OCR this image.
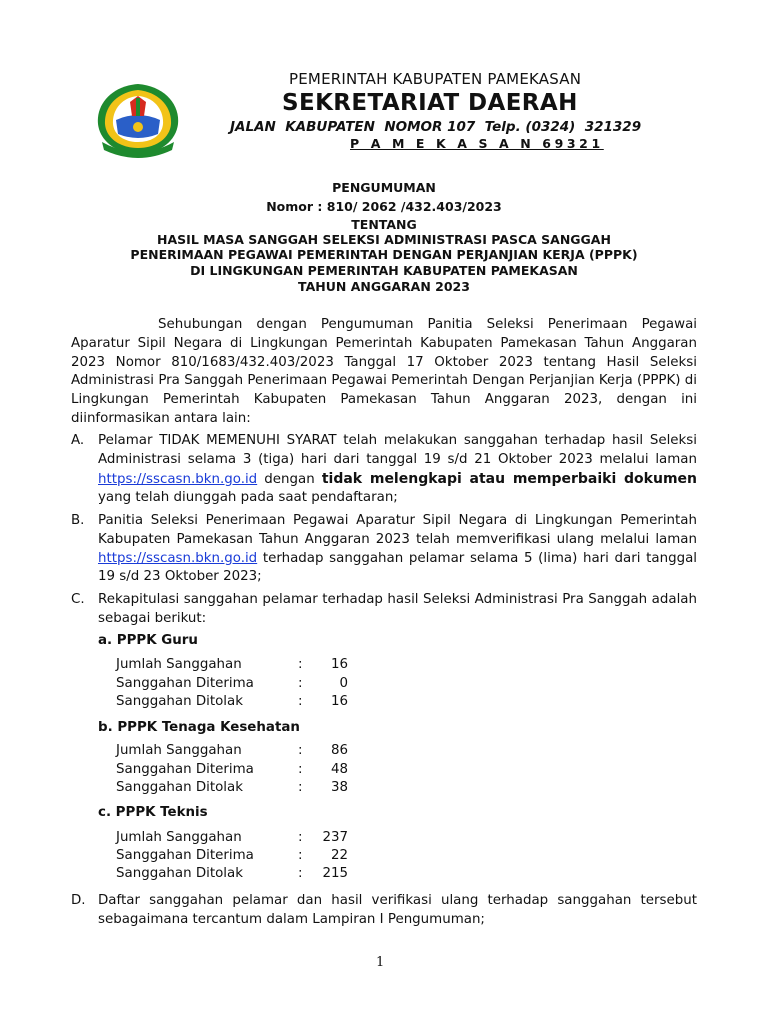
PEMERINTAH KABUPATEN PAMEKASAN
SEKRETARIAT DAERAH
JALAN  KABUPATEN  NOMOR 107  Telp. (0324)  321329
P A M E K A S A N 69321
PENGUMUMAN
Nomor : 810/ 2062 /432.403/2023
TENTANG
HASIL MASA SANGGAH SELEKSI ADMINISTRASI PASCA SANGGAH
PENERIMAAN PEGAWAI PEMERINTAH DENGAN PERJANJIAN KERJA (PPPK)
DI LINGKUNGAN PEMERINTAH KABUPATEN PAMEKASAN
TAHUN ANGGARAN 2023
Sehubungan dengan Pengumuman Panitia Seleksi Penerimaan Pegawai Aparatur Sipil Negara di Lingkungan Pemerintah Kabupaten Pamekasan Tahun Anggaran 2023 Nomor 810/1683/432.403/2023 Tanggal 17 Oktober 2023 tentang Hasil Seleksi Administrasi Pra Sanggah Penerimaan Pegawai Pemerintah Dengan Perjanjian Kerja (PPPK) di Lingkungan Pemerintah Kabupaten Pamekasan Tahun Anggaran 2023, dengan ini diinformasikan antara lain:
A. Pelamar TIDAK MEMENUHI SYARAT telah melakukan sanggahan terhadap hasil Seleksi Administrasi selama 3 (tiga) hari dari tanggal 19 s/d 21 Oktober 2023 melalui laman https://sscasn.bkn.go.id dengan tidak melengkapi atau memperbaiki dokumen yang telah diunggah pada saat pendaftaran;
B. Panitia Seleksi Penerimaan Pegawai Aparatur Sipil Negara di Lingkungan Pemerintah Kabupaten Pamekasan Tahun Anggaran 2023 telah memverifikasi ulang melalui laman https://sscasn.bkn.go.id terhadap sanggahan pelamar selama 5 (lima) hari dari tanggal 19 s/d 23 Oktober 2023;
C. Rekapitulasi sanggahan pelamar terhadap hasil Seleksi Administrasi Pra Sanggah adalah sebagai berikut:
a. PPPK Guru
Jumlah Sanggahan	:	16
Sanggahan Diterima	:	0
Sanggahan Ditolak	:	16
b. PPPK Tenaga Kesehatan
Jumlah Sanggahan	:	86
Sanggahan Diterima	:	48
Sanggahan Ditolak	:	38
c. PPPK Teknis
Jumlah Sanggahan	:	237
Sanggahan Diterima	:	22
Sanggahan Ditolak	:	215
D. Daftar sanggahan pelamar dan hasil verifikasi ulang terhadap sanggahan tersebut sebagaimana tercantum dalam Lampiran I Pengumuman;
1
